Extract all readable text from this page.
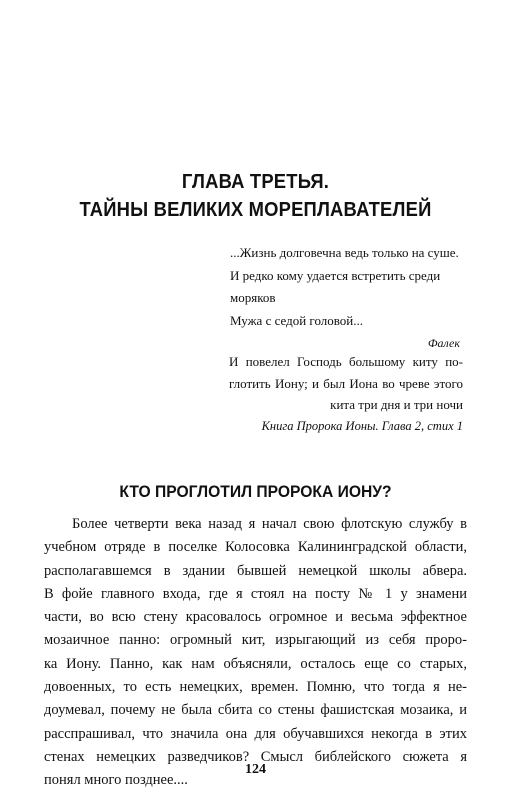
ГЛАВА ТРЕТЬЯ.
ТАЙНЫ ВЕЛИКИХ МОРЕПЛАВАТЕЛЕЙ

...Жизнь долговечна ведь только на суше.

И редко кому удается встретить среди

моряков

Мужа с седой головой...

Фалек

И повелел Господь большому киту по-
глотить Иону; и был Иона во чреве этого
кита три дня и три ночи
Книга Пророка Ионы. Глава 2, стих 1
КТО ПРОГЛОТИЛ ПРОРОКА ИОНУ?
Более четверти века назад я начал свою флотскую службу в
учебном отряде в поселке Колосовка Калининградской области,
располагавшемся в здании бывшей немецкой школы абвера.
В фойе главного входа, где я стоял на посту № 1 у знамени
части, во всю стену красовалось огромное и весьма эффектное
мозаичное панно: огромный кит, изрыгающий из себя проро-
ка Иону. Панно, как нам объясняли, осталось еще со старых,
довоенных, то есть немецких, времен. Помню, что тогда я не-
доумевал, почему не была сбита со стены фашистская мозаика, и
расспрашивал, что значила она для обучавшихся некогда в этих
стенах немецких разведчиков? Смысл библейского сюжета я
понял много позднее....
124
